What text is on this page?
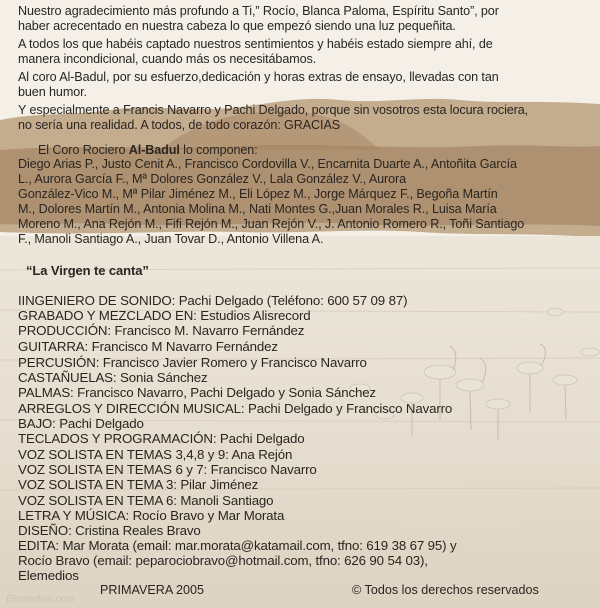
Nuestro agradecimiento más profundo a Ti,” Rocío, Blanca Paloma, Espíritu Santo”, por
haber acrecentado en nuestra cabeza lo que empezó siendo una luz pequeñita.
A todos los que habéis captado nuestros sentimientos y habéis estado siempre ahí, de
manera incondicional, cuando más os necesitábamos.
Al coro Al-Badul, por su esfuerzo,dedicación y horas extras de ensayo, llevadas con tan
buen humor.
Y especialmente a Francis Navarro y Pachi Delgado, porque sin vosotros esta locura rociera,
no sería una realidad. A todos, de todo corazón: GRACIAS
El Coro Rociero Al-Badul lo componen:
Diego Arias P., Justo Cenit A., Francisco Cordovilla V., Encarnita Duarte A., Antoñita García
L., Aurora García F., Mª Dolores González V., Lala González V., Aurora
González-Vico M., Mª Pilar Jiménez M., Eli López M., Jorge Márquez F., Begoña Martín
M., Dolores Martín M., Antonia Molina M., Nati Montes G.,Juan Morales R., Luisa María
Moreno M., Ana Rejón M., Fifi Rejón M., Juan Rejón V., J. Antonio Romero R., Toñi Santiago
F., Manoli Santiago A., Juan Tovar D., Antonio Villena A.
“La Virgen te canta”
IINGENIERO DE SONIDO: Pachi Delgado (Teléfono: 600 57 09 87)
GRABADO Y MEZCLADO EN: Estudios Alisrecord
PRODUCCIÓN: Francisco M. Navarro Fernández
GUITARRA: Francisco M Navarro Fernández
PERCUSIÓN: Francisco Javier Romero y Francisco Navarro
CASTAÑUELAS: Sonia Sánchez
PALMAS: Francisco Navarro, Pachi Delgado y Sonia Sánchez
ARREGLOS Y DIRECCIÓN MUSICAL: Pachi Delgado y Francisco Navarro
BAJO: Pachi Delgado
TECLADOS Y PROGRAMACIÓN: Pachi Delgado
VOZ SOLISTA EN TEMAS 3,4,8 y 9: Ana Rejón
VOZ SOLISTA EN TEMAS 6 y 7: Francisco Navarro
VOZ SOLISTA EN TEMA 3: Pilar Jiménez
VOZ SOLISTA EN TEMA 6: Manoli Santiago
LETRA Y MÚSICA: Rocío Bravo y Mar Morata
DISEÑO: Cristina Reales Bravo
EDITA: Mar Morata (email: mar.morata@katamail.com, tfno: 619 38 67 95) y
Rocío Bravo (email: peparociobravo@hotmail.com, tfno: 626 90 54 03),
Elemedios
PRIMAVERA 2005	© Todos los derechos reservados
Elemedios.com
